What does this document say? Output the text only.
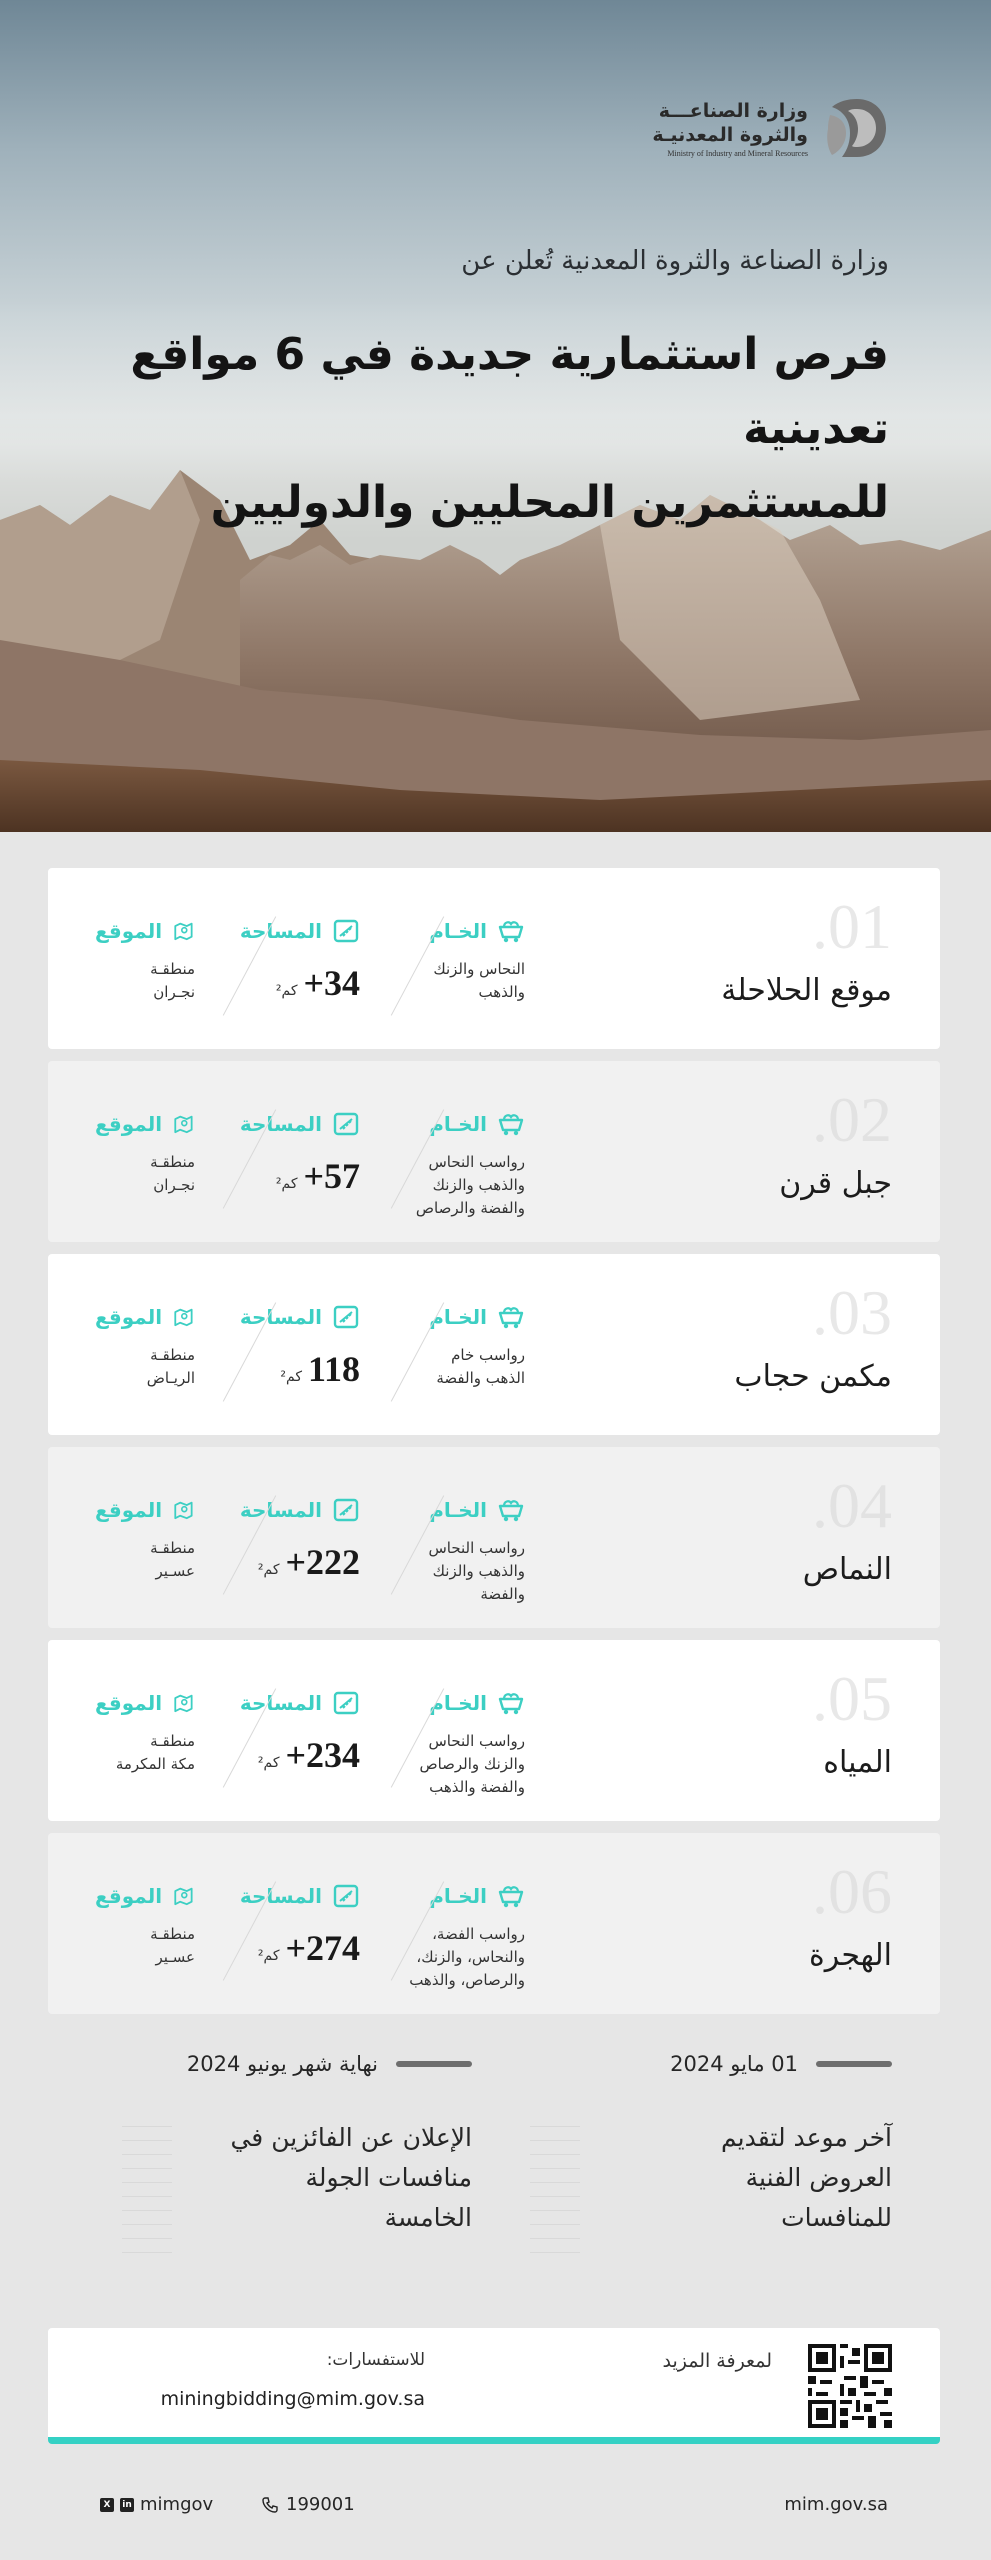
وزارة الصناعـــة
والثروة المعدنيـة
Ministry of Industry and Mineral Resources
وزارة الصناعة والثروة المعدنية تُعلن عن
فرص استثمارية جديدة في 6 مواقع تعدينية
للمستثمرين المحليين والدوليين
.01
موقع الحلاحلة
الخـام
النحاس والزنك
والذهب
المساحة
+34
كم²
الموقع
منطقـة
نجـران
.02
جبل قرن
الخـام
رواسب النحاس
والذهب والزنك
والفضة والرصاص
المساحة
+57
كم²
الموقع
منطقـة
نجـران
.03
مكمن حجاب
الخـام
رواسب خام
الذهب والفضة
المساحة
118
كم²
الموقع
منطقـة
الريـاض
.04
النماص
الخـام
رواسب النحاس
والذهب والزنك
والفضة
المساحة
+222
كم²
الموقع
منطقـة
عسـير
.05
المياه
الخـام
رواسب النحاس
والزنك والرصاص
والفضة والذهب
المساحة
+234
كم²
الموقع
منطقـة
مكة المكرمة
.06
الهجرة
الخـام
رواسب الفضة،
والنحاس، والزنك،
والرصاص، والذهب
المساحة
+274
كم²
الموقع
منطقـة
عسـير
01 مايو 2024
آخر موعد لتقديم
العروض الفنية
للمنافسات
نهاية شهر يونيو 2024
الإعلان عن الفائزين في
منافسات الجولة
الخامسة
لمعرفة المزيد
للاستفسارات:
miningbidding@mim.gov.sa
mim.gov.sa
199001
X	in mimgov
